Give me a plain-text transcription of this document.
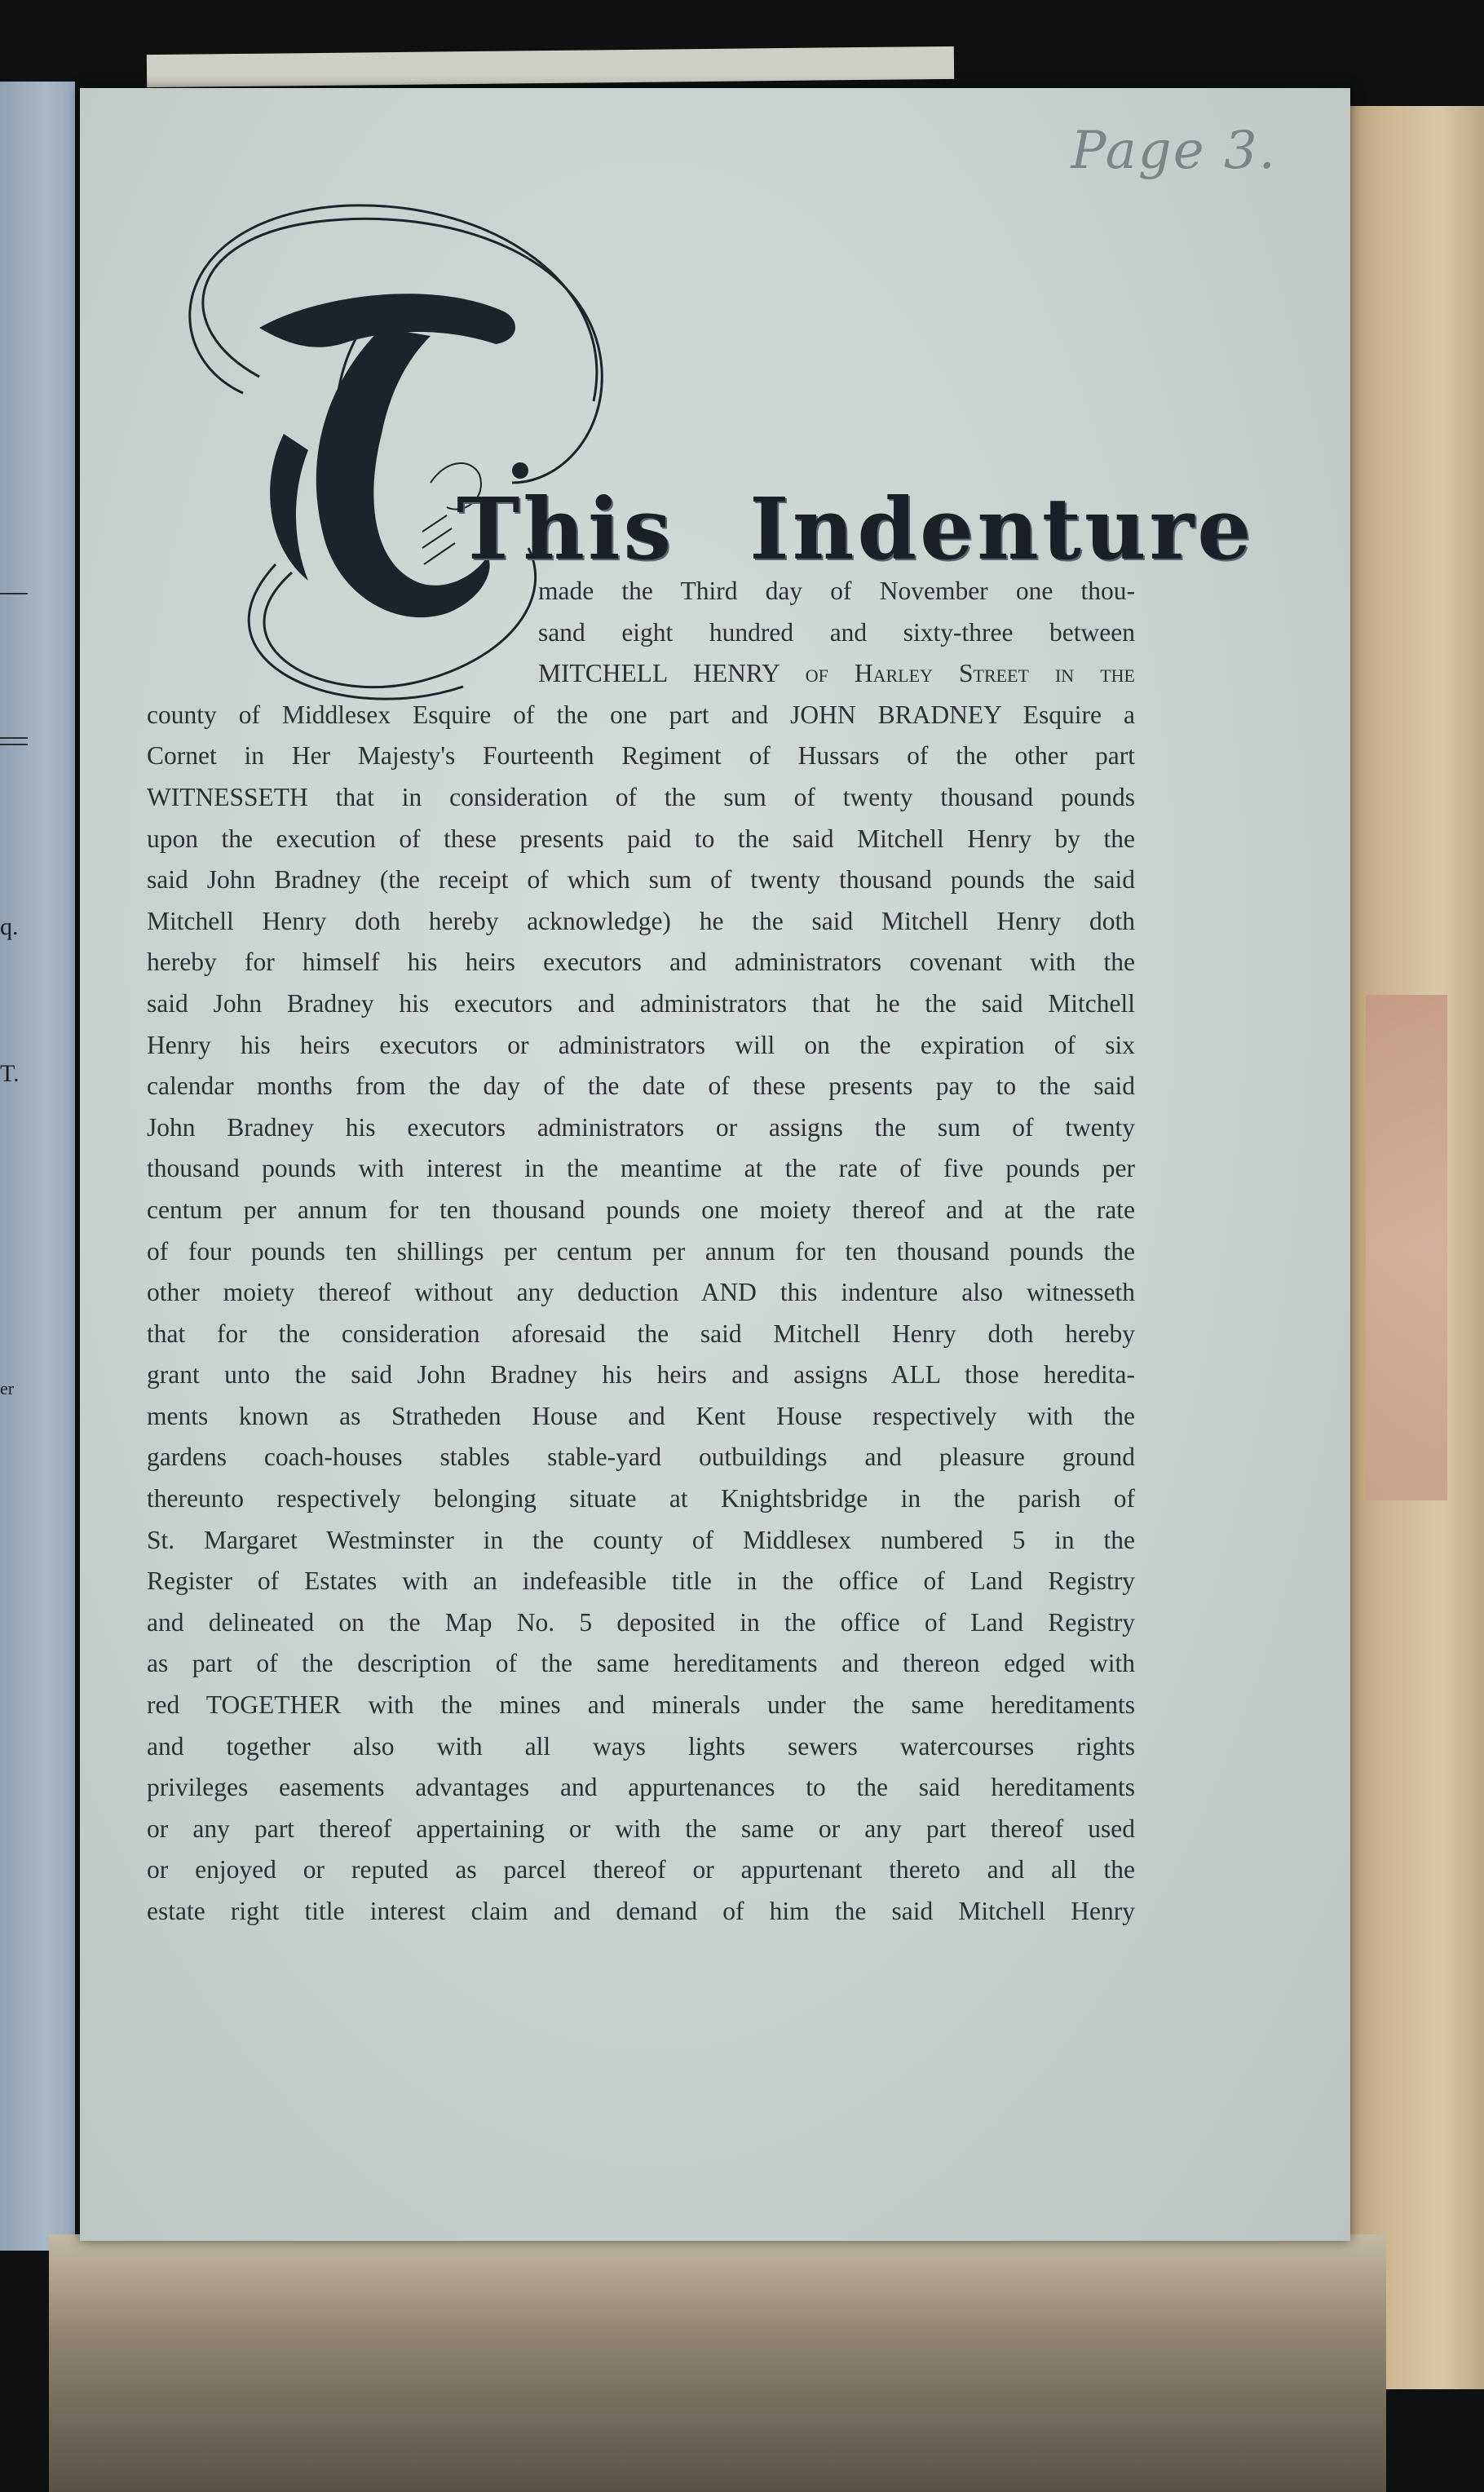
q.
T.
er
Page 3.
This Indenture
made the Third day of November one thou-
sand eight hundred and sixty-three between
MITCHELL HENRY of Harley Street in the
county of Middlesex Esquire of the one part and JOHN BRADNEY Esquire a
Cornet in Her Majesty's Fourteenth Regiment of Hussars of the other part
WITNESSETH that in consideration of the sum of twenty thousand pounds
upon the execution of these presents paid to the said Mitchell Henry by the
said John Bradney (the receipt of which sum of twenty thousand pounds the said
Mitchell Henry doth hereby acknowledge) he the said Mitchell Henry doth
hereby for himself his heirs executors and administrators covenant with the
said John Bradney his executors and administrators that he the said Mitchell
Henry his heirs executors or administrators will on the expiration of six
calendar months from the day of the date of these presents pay to the said
John Bradney his executors administrators or assigns the sum of twenty
thousand pounds with interest in the meantime at the rate of five pounds per
centum per annum for ten thousand pounds one moiety thereof and at the rate
of four pounds ten shillings per centum per annum for ten thousand pounds the
other moiety thereof without any deduction AND this indenture also witnesseth
that for the consideration aforesaid the said Mitchell Henry doth hereby
grant unto the said John Bradney his heirs and assigns ALL those heredita-
ments known as Stratheden House and Kent House respectively with the
gardens coach-houses stables stable-yard outbuildings and pleasure ground
thereunto respectively belonging situate at Knightsbridge in the parish of
St. Margaret Westminster in the county of Middlesex numbered 5 in the
Register of Estates with an indefeasible title in the office of Land Registry
and delineated on the Map No. 5 deposited in the office of Land Registry
as part of the description of the same hereditaments and thereon edged with
red TOGETHER with the mines and minerals under the same hereditaments
and together also with all ways lights sewers watercourses rights
privileges easements advantages and appurtenances to the said hereditaments
or any part thereof appertaining or with the same or any part thereof used
or enjoyed or reputed as parcel thereof or appurtenant thereto and all the
estate right title interest claim and demand of him the said Mitchell Henry
